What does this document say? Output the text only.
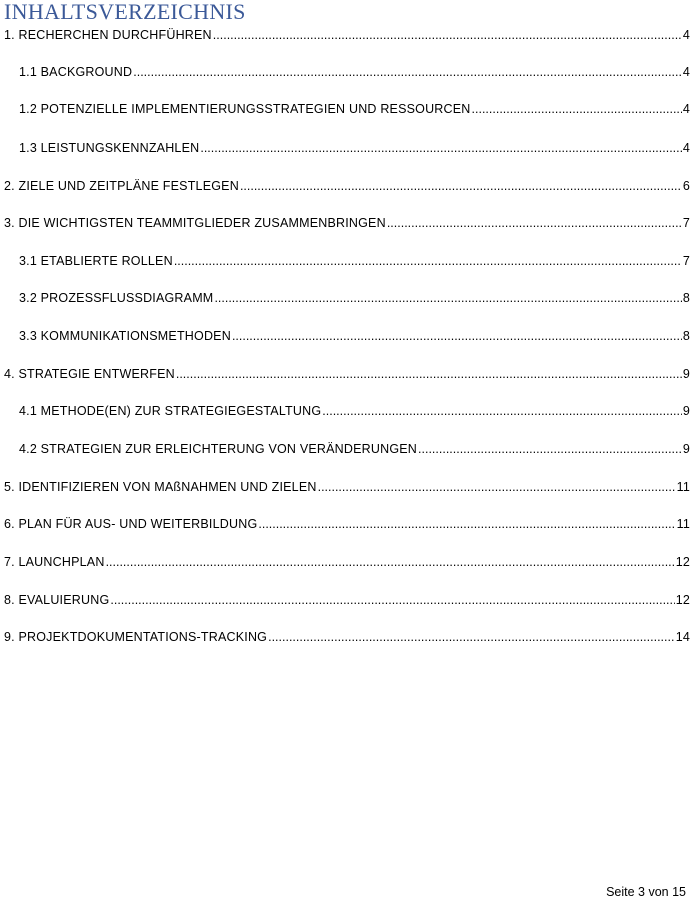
INHALTSVERZEICHNIS
1. RECHERCHEN DURCHFÜHREN .....	4
1.1 BACKGROUND .....	4
1.2 POTENZIELLE IMPLEMENTIERUNGSSTRATEGIEN UND RESSOURCEN .....	4
1.3 LEISTUNGSKENNZAHLEN .....	4
2. ZIELE UND ZEITPLÄNE FESTLEGEN .....	6
3. DIE WICHTIGSTEN TEAMMITGLIEDER ZUSAMMENBRINGEN .....	7
3.1 ETABLIERTE ROLLEN .....	7
3.2 PROZESSFLUSSDIAGRAMM .....	8
3.3 KOMMUNIKATIONSMETHODEN .....	8
4. STRATEGIE ENTWERFEN .....	9
4.1 METHODE(EN) ZUR STRATEGIEGESTALTUNG .....	9
4.2 STRATEGIEN ZUR ERLEICHTERUNG VON VERÄNDERUNGEN .....	9
5. IDENTIFIZIEREN VON MAßNAHMEN UND ZIELEN .....	11
6. PLAN FÜR AUS- UND WEITERBILDUNG .....	11
7. LAUNCHPLAN .....	12
8. EVALUIERUNG .....	12
9. PROJEKTDOKUMENTATIONS-TRACKING .....	14
Seite 3 von 15
